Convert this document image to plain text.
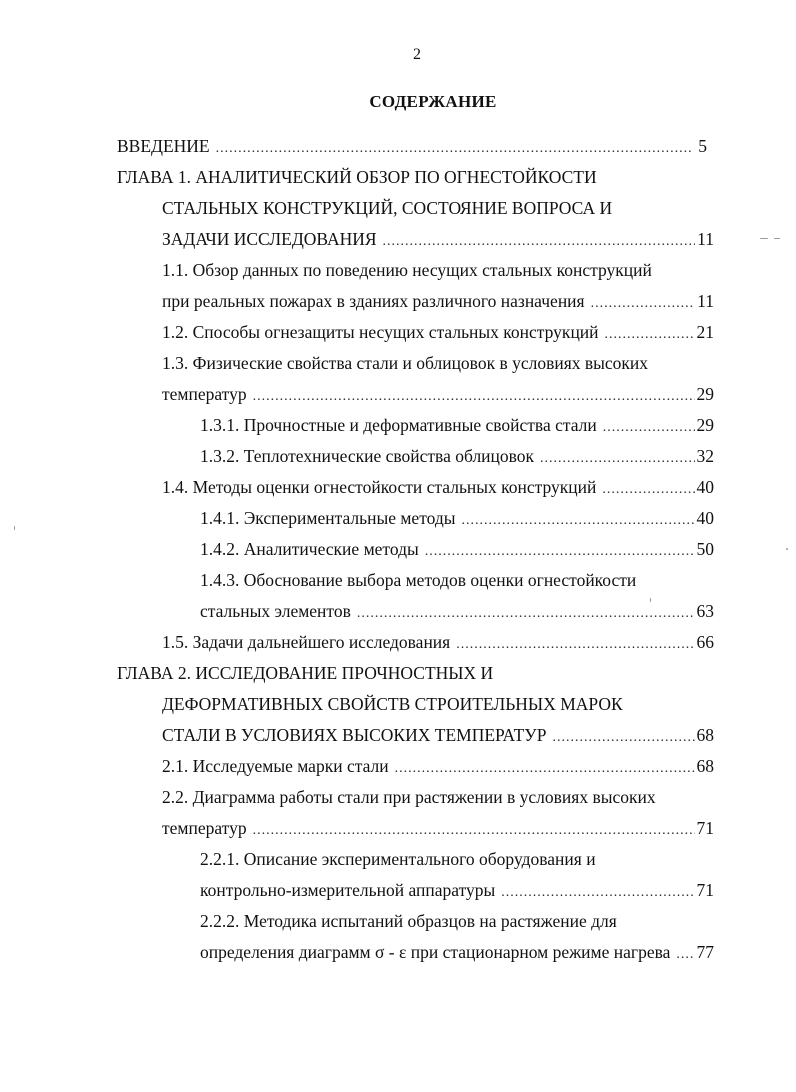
2
СОДЕРЖАНИЕ
ВВЕДЕНИЕ .....	5
ГЛАВА 1. АНАЛИТИЧЕСКИЙ ОБЗОР ПО ОГНЕСТОЙКОСТИ
СТАЛЬНЫХ КОНСТРУКЦИЙ, СОСТОЯНИЕ ВОПРОСА И
ЗАДАЧИ ИССЛЕДОВАНИЯ .....	11
1.1. Обзор данных по поведению несущих стальных конструкций
при реальных пожарах в зданиях различного назначения .....	11
1.2. Способы огнезащиты несущих стальных конструкций .....	21
1.3. Физические свойства стали и облицовок в условиях высоких
температур .....	29
1.3.1. Прочностные и деформативные свойства стали .....	29
1.3.2. Теплотехнические свойства облицовок .....	32
1.4. Методы оценки огнестойкости стальных конструкций .....	40
1.4.1. Экспериментальные методы .....	40
1.4.2. Аналитические методы .....	50
1.4.3. Обоснование выбора методов оценки огнестойкости
стальных элементов .....	63
1.5. Задачи дальнейшего исследования .....	66
ГЛАВА 2. ИССЛЕДОВАНИЕ ПРОЧНОСТНЫХ И
ДЕФОРМАТИВНЫХ СВОЙСТВ СТРОИТЕЛЬНЫХ МАРОК
СТАЛИ В УСЛОВИЯХ ВЫСОКИХ ТЕМПЕРАТУР .....	68
2.1. Исследуемые марки стали .....	68
2.2. Диаграмма работы стали при растяжении в условиях высоких
температур .....	71
2.2.1. Описание экспериментального оборудования и
контрольно-измерительной аппаратуры .....	71
2.2.2. Методика испытаний образцов на растяжение для
определения диаграмм σ - ε при стационарном режиме нагрева ..... 77
